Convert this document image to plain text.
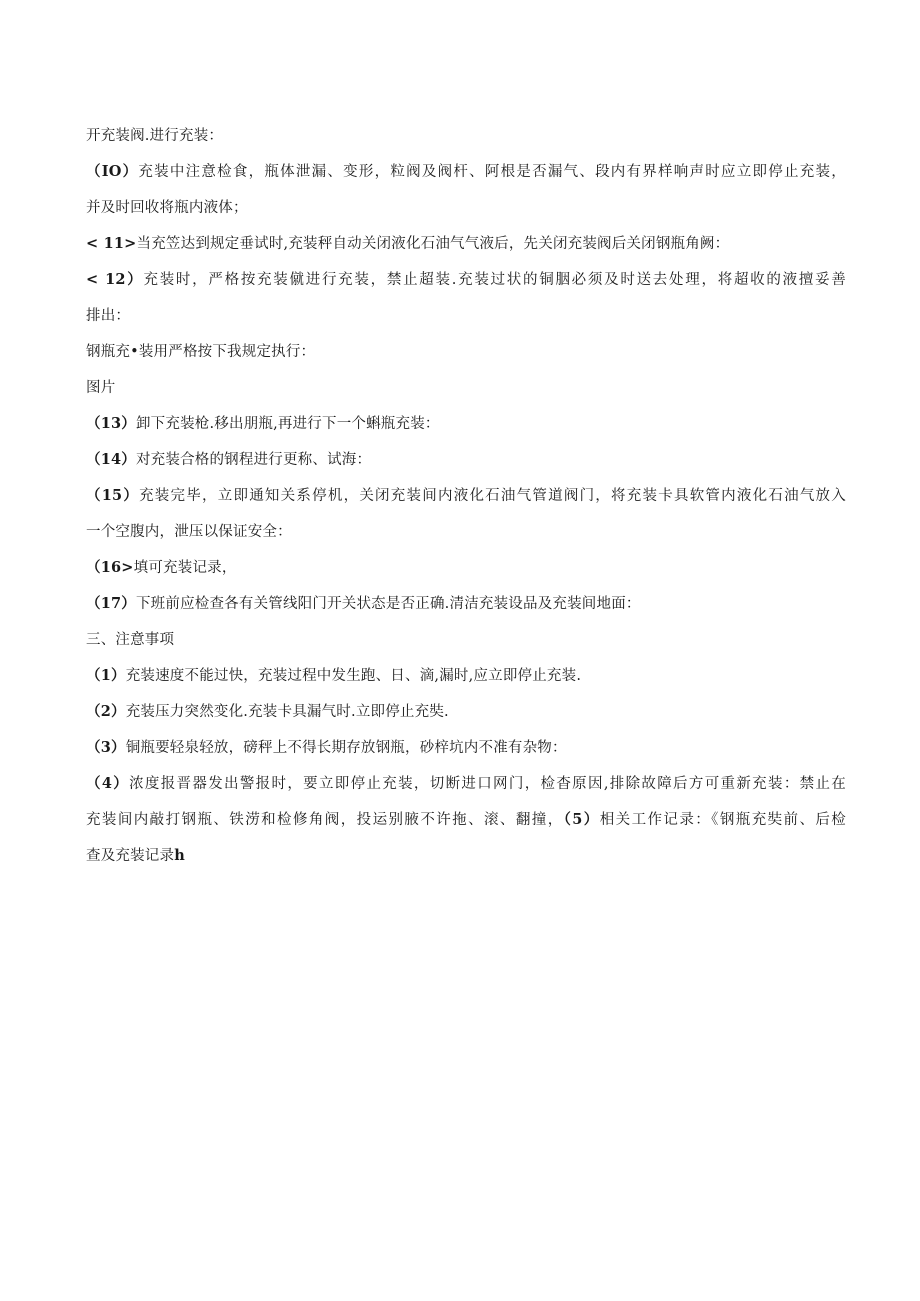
开充装阀.进行充装：
（IO）充装中注意检食，瓶体泄漏、变形，粒阀及阀杆、阿根是否漏气、段内有界样响声时应立即停止充装，
并及时回收将瓶内液体；
< 11>当充笠达到规定垂试时,充装秤自动关闭液化石油气气液后，先关闭充装阀后关闭钢瓶角阙：
< 12）充装时，严格按充装僦进行充装，禁止超装.充装过状的铜胭必须及时送去处理，将超收的液擅妥善
排出：
钢瓶充•装用严格按下我规定执行：
图片
（13）卸下充装枪.移出朋瓶,再进行下一个蝌瓶充装：
（14）对充装合格的钢程进行更称、试海：
（15）充装完毕，立即通知关系停机，关闭充装间内液化石油气管道阀门，将充装卡具软管内液化石油气放入
一个空腹内，泄压以保证安全：
（16>填可充装记录，
（17）下班前应检查各有关管线阳门开关状态是否正确.清洁充装设品及充装间地面：
三、注意事项
（1）充装速度不能过快，充装过程中发生跑、日、滴,漏时,应立即停止充装.
（2）充装压力突然变化.充装卡具漏气时.立即停止充奘.
（3）铜瓶要轻泉轻放，磅秤上不得长期存放钢瓶，砂梓坑内不准有杂物：
（4）浓度报晋器发出警报时，要立即停止充装，切断进口网门，检杳原因,排除故障后方可重新充装：禁止在
充装间内敲打钢瓶、铁涝和检修角阀，投运别腋不许拖、滚、翻撞，（5）相关工作记录：《钢瓶充奘前、后检
查及充装记录h
